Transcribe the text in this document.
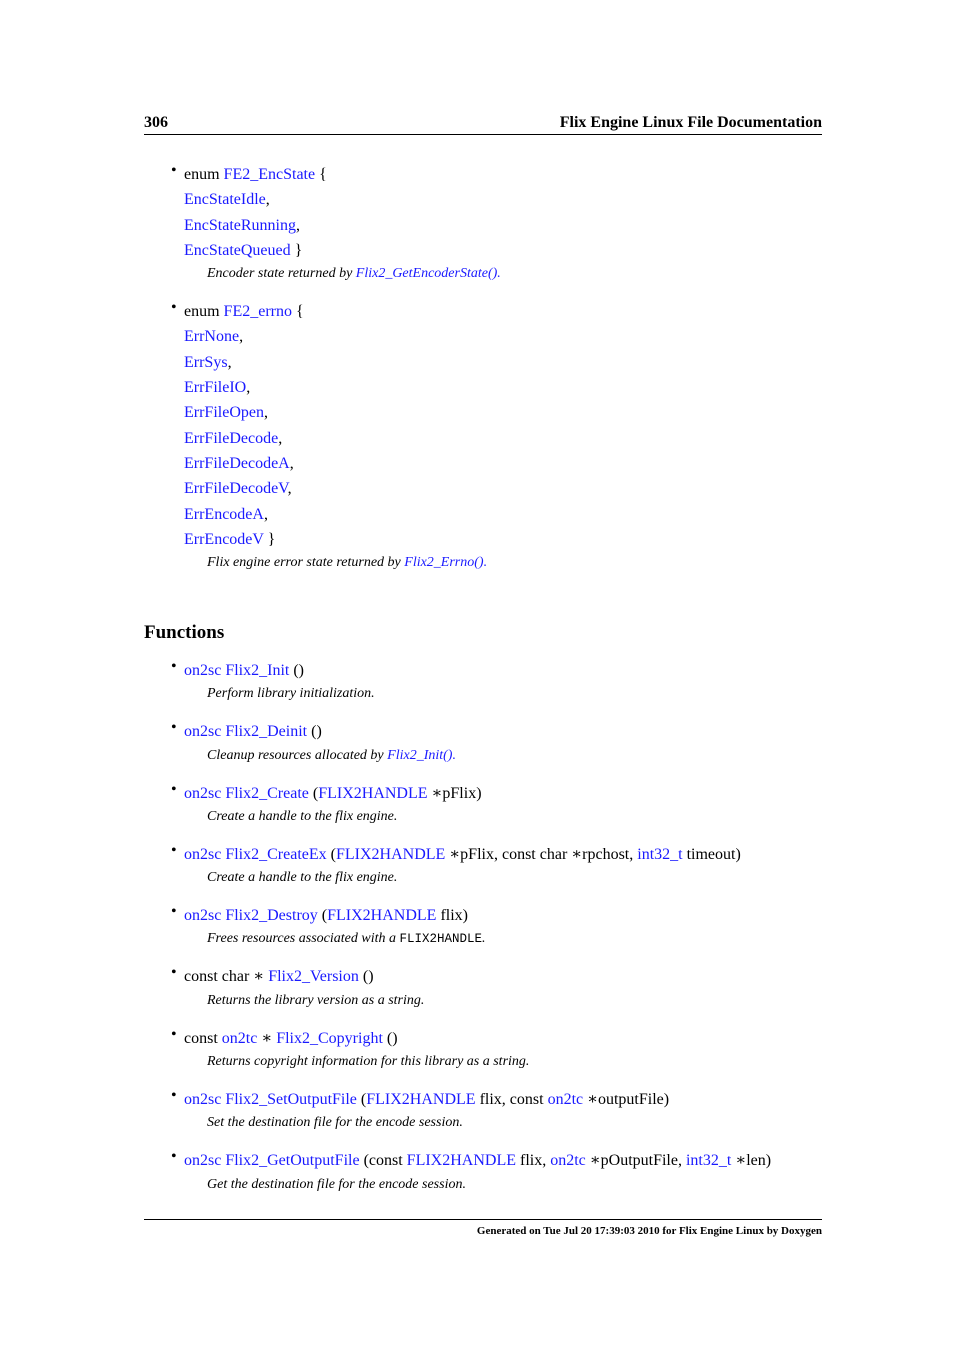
306	Flix Engine Linux File Documentation
• enum FE2_EncState {
EncStateIdle,
EncStateRunning,
EncStateQueued }
Encoder state returned by Flix2_GetEncoderState().
• enum FE2_errno {
ErrNone,
ErrSys,
ErrFileIO,
ErrFileOpen,
ErrFileDecode,
ErrFileDecodeA,
ErrFileDecodeV,
ErrEncodeA,
ErrEncodeV }
Flix engine error state returned by Flix2_Errno().
Functions
• on2sc Flix2_Init ()
Perform library initialization.
• on2sc Flix2_Deinit ()
Cleanup resources allocated by Flix2_Init().
• on2sc Flix2_Create (FLIX2HANDLE ∗pFlix)
Create a handle to the flix engine.
• on2sc Flix2_CreateEx (FLIX2HANDLE ∗pFlix, const char ∗rpchost, int32_t timeout)
Create a handle to the flix engine.
• on2sc Flix2_Destroy (FLIX2HANDLE flix)
Frees resources associated with a FLIX2HANDLE.
• const char ∗ Flix2_Version ()
Returns the library version as a string.
• const on2tc ∗ Flix2_Copyright ()
Returns copyright information for this library as a string.
• on2sc Flix2_SetOutputFile (FLIX2HANDLE flix, const on2tc ∗outputFile)
Set the destination file for the encode session.
• on2sc Flix2_GetOutputFile (const FLIX2HANDLE flix, on2tc ∗pOutputFile, int32_t ∗len)
Get the destination file for the encode session.
Generated on Tue Jul 20 17:39:03 2010 for Flix Engine Linux by Doxygen
